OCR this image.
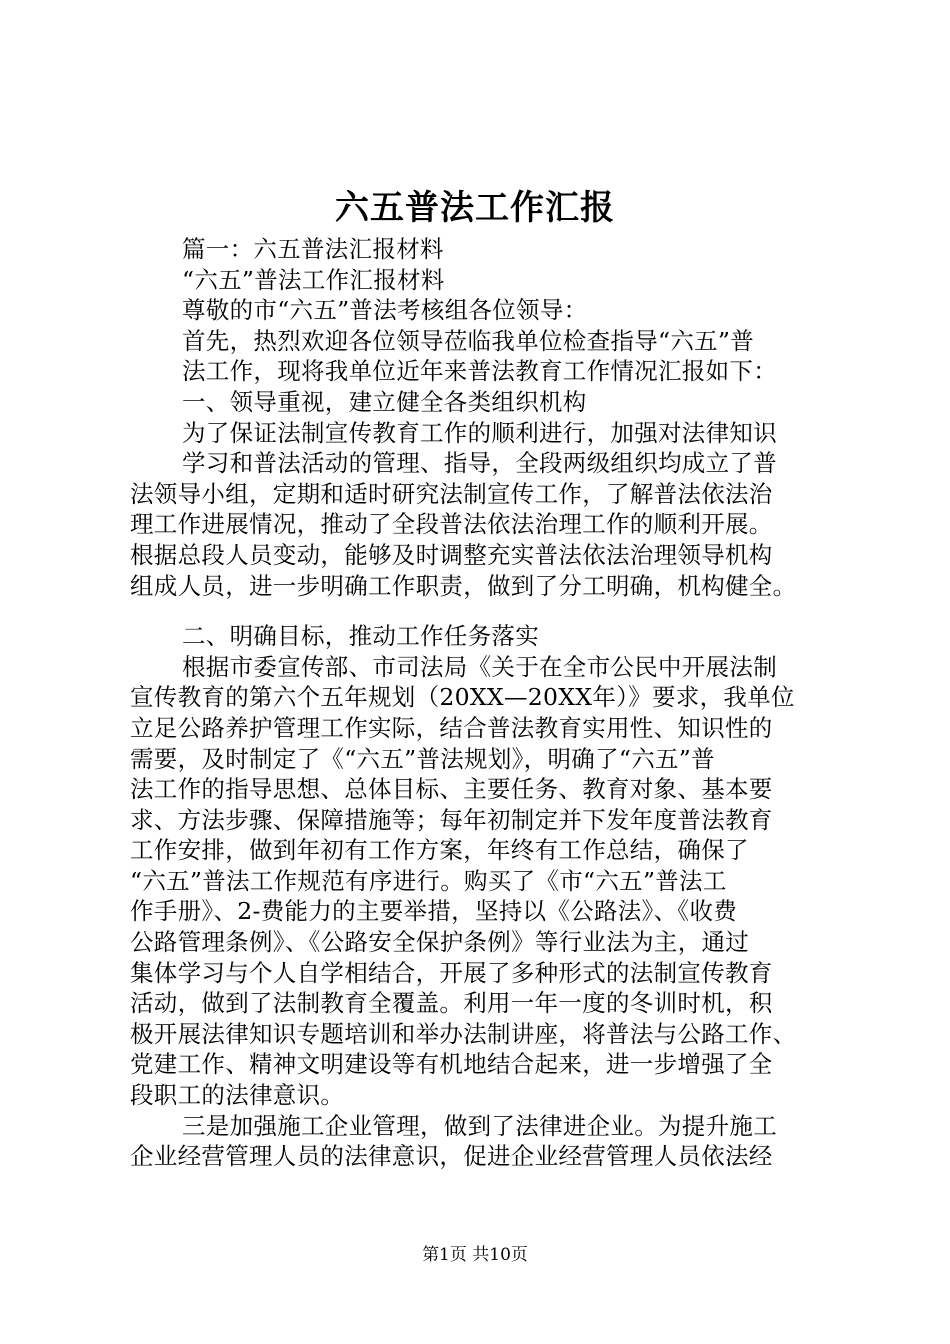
六五普法工作汇报
篇一：六五普法汇报材料
“六五”普法工作汇报材料
尊敬的市“六五”普法考核组各位领导：
首先，热烈欢迎各位领导莅临我单位检查指导“六五”普
法工作，现将我单位近年来普法教育工作情况汇报如下：
一、领导重视，建立健全各类组织机构
为了保证法制宣传教育工作的顺利进行，加强对法律知识
学习和普法活动的管理、指导，全段两级组织均成立了普
法领导小组，定期和适时研究法制宣传工作，了解普法依法治
理工作进展情况，推动了全段普法依法治理工作的顺利开展。
根据总段人员变动，能够及时调整充实普法依法治理领导机构
组成人员，进一步明确工作职责，做到了分工明确，机构健全。
二、明确目标，推动工作任务落实
根据市委宣传部、市司法局《关于在全市公民中开展法制
宣传教育的第六个五年规划（20XX—20XX年）》要求，我单位
立足公路养护管理工作实际，结合普法教育实用性、知识性的
需要，及时制定了《“六五”普法规划》，明确了“六五”普
法工作的指导思想、总体目标、主要任务、教育对象、基本要
求、方法步骤、保障措施等；每年初制定并下发年度普法教育
工作安排，做到年初有工作方案，年终有工作总结，确保了
“六五”普法工作规范有序进行。购买了《市“六五”普法工
作手册》、2-费能力的主要举措，坚持以《公路法》、《收费
公路管理条例》、《公路安全保护条例》等行业法为主，通过
集体学习与个人自学相结合，开展了多种形式的法制宣传教育
活动，做到了法制教育全覆盖。利用一年一度的冬训时机，积
极开展法律知识专题培训和举办法制讲座，将普法与公路工作、
党建工作、精神文明建设等有机地结合起来，进一步增强了全
段职工的法律意识。
三是加强施工企业管理，做到了法律进企业。为提升施工
企业经营管理人员的法律意识，促进企业经营管理人员依法经
第1页 共10页
